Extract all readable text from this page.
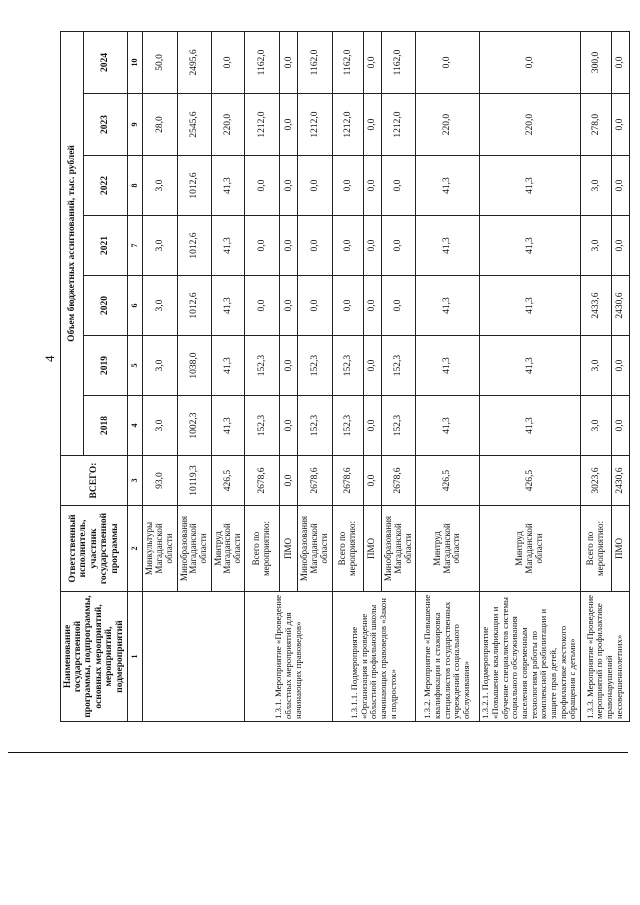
4
Наименование государственной программы, подпрограммы, основных мероприятий, мероприятий, подмероприятий	Ответственный исполнитель, участник государственной программы	ВСЕГО:	Объем бюджетных ассигнований, тыс. рублей						
			2018	2019	2020	2021	2022	2023	2024
1	2	3	4	5	6	7	8	9	10
	Минкультуры Магаданской области	93,0	3,0	3,0	3,0	3,0	3,0	28,0	50,0
	Минобразования Магаданской области	10119,3	1002,3	1038,0	1012,6	1012,6	1012,6	2545,6	2495,6
	Минтруд Магаданской области	426,5	41,3	41,3	41,3	41,3	41,3	220,0	0,0
1.3.1. Мероприятие «Проведение областных мероприятий для начинающих правоведов»	Всего по мероприятию:	2678,6	152,3	152,3	0,0	0,0	0,0	1212,0	1162,0
	ПМО	0,0	0,0	0,0	0,0	0,0	0,0	0,0	0,0
	Минобразования Магаданской области	2678,6	152,3	152,3	0,0	0,0	0,0	1212,0	1162,0
1.3.1.1. Подмероприятие «Организация и проведение областной профильной школы начинающих правоведов «Закон и подросток»	Всего по мероприятию:	2678,6	152,3	152,3	0,0	0,0	0,0	1212,0	1162,0
	ПМО	0,0	0,0	0,0	0,0	0,0	0,0	0,0	0,0
	Минобразования Магаданской области	2678,6	152,3	152,3	0,0	0,0	0,0	1212,0	1162,0
1.3.2. Мероприятие «Повышение квалификации и стажировка специалистов государственных учреждений социального обслуживания»	Минтруд Магаданской области	426,5	41,3	41,3	41,3	41,3	41,3	220,0	0,0
1.3.2.1. Подмероприятие «Повышение квалификации и обучение специалистов системы социального обслуживания населения современным технологиям работы по комплексной реабилитации и защите прав детей, профилактике жестокого обращения с детьми»	Минтруд Магаданской области	426,5	41,3	41,3	41,3	41,3	41,3	220,0	0,0
1.3.3. Мероприятие «Проведение мероприятий по профилактике правонарушений несовершеннолетних»	Всего по мероприятию:	3023,6	3,0	3,0	2433,6	3,0	3,0	278,0	300,0
	ПМО	2430,6	0,0	0,0	2430,6	0,0	0,0	0,0	0,0
